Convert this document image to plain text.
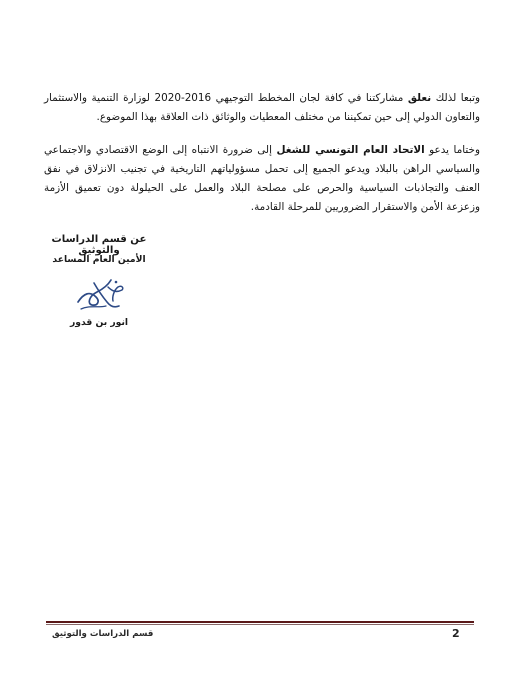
وتبعا لذلك نعلق مشاركتنا في كافة لجان المخطط التوجيهي 2016-2020 لوزارة التنمية والاستثمار والتعاون الدولي إلى حين تمكيننا من مختلف المعطيات والوثائق ذات العلاقة بهذا الموضوع.

وختاما يدعو الاتحاد العام التونسي للشغل إلى ضرورة الانتباه إلى الوضع الاقتصادي والاجتماعي والسياسي الراهن بالبلاد ويدعو الجميع إلى تحمل مسؤولياتهم التاريخية في تجنيب الانزلاق في نفق العنف والتجاذبات السياسية والحرص على مصلحة البلاد والعمل على الحيلولة دون تعميق الأزمة وزعزعة الأمن والاستقرار الضروريين للمرحلة القادمة.

عن قسم الدراسات والتوثيق
الأمين العام المساعد
انور بن قدور
قسم الدراسات والتوثيق	2
